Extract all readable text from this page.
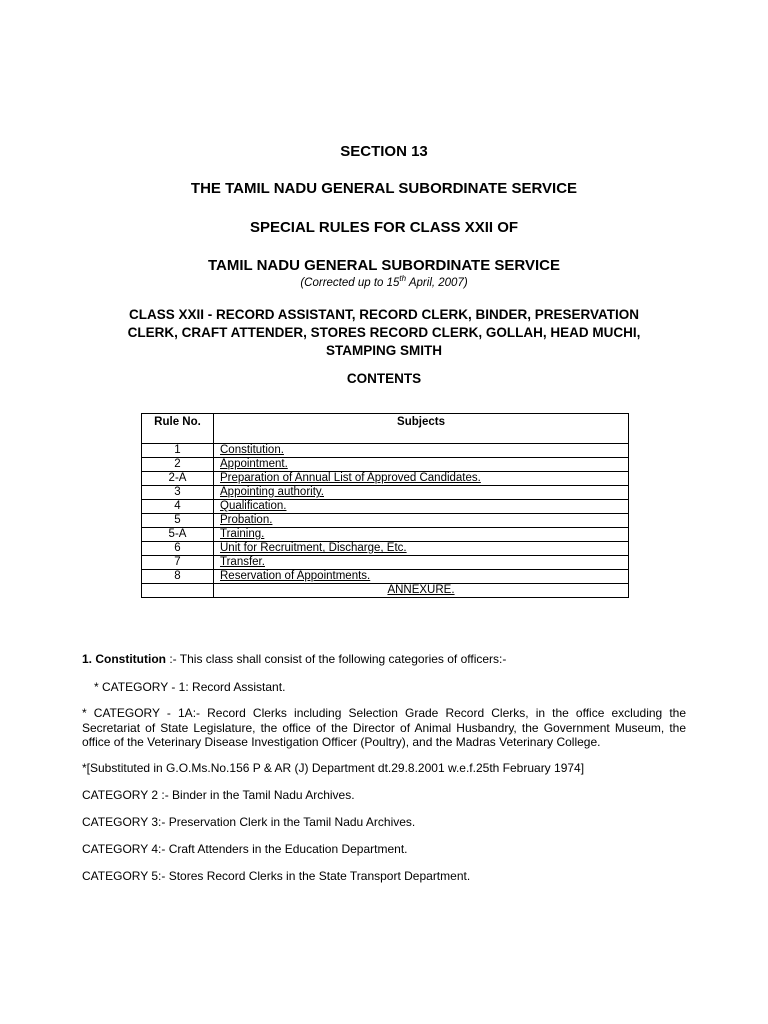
SECTION 13
THE TAMIL NADU GENERAL SUBORDINATE SERVICE
SPECIAL RULES FOR CLASS XXII OF
TAMIL NADU GENERAL SUBORDINATE SERVICE
(Corrected up to 15th April, 2007)
CLASS XXII - RECORD ASSISTANT, RECORD CLERK, BINDER, PRESERVATION
CLERK, CRAFT ATTENDER, STORES RECORD CLERK, GOLLAH, HEAD MUCHI,
STAMPING SMITH
CONTENTS
Rule No.	Subjects
1	Constitution.
2	Appointment.
2-A	Preparation of Annual List of Approved Candidates.
3	Appointing authority.
4	Qualification.
5	Probation.
5-A	Training.
6	Unit for Recruitment, Discharge, Etc.
7	Transfer.
8	Reservation of Appointments.
	ANNEXURE.
1. Constitution :- This class shall consist of the following categories of officers:-
* CATEGORY - 1: Record Assistant.
* CATEGORY - 1A:- Record Clerks including Selection Grade Record Clerks, in the office excluding the Secretariat of State Legislature, the office of the Director of Animal Husbandry, the Government Museum, the office of the Veterinary Disease Investigation Officer (Poultry), and the Madras Veterinary College.
*[Substituted in G.O.Ms.No.156 P & AR (J) Department dt.29.8.2001 w.e.f.25th February 1974]
CATEGORY 2 :- Binder in the Tamil Nadu Archives.
CATEGORY 3:- Preservation Clerk in the Tamil Nadu Archives.
CATEGORY 4:- Craft Attenders in the Education Department.
CATEGORY 5:- Stores Record Clerks in the State Transport Department.
